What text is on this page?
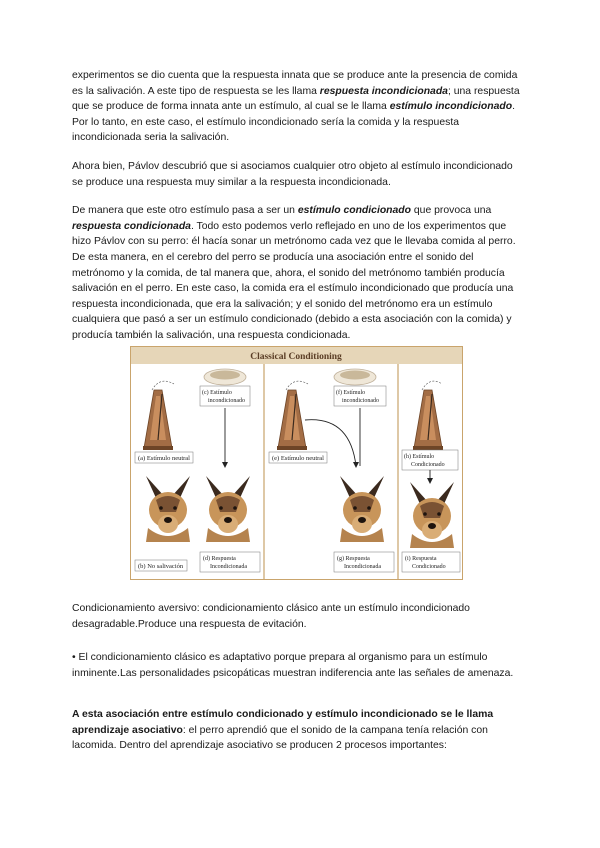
experimentos se dio cuenta que la respuesta innata que se produce ante la presencia de comida es la salivación. A este tipo de respuesta se les llama respuesta incondicionada; una respuesta que se produce de forma innata ante un estímulo, al cual se le llama estímulo incondicionado. Por lo tanto, en este caso, el estímulo incondicionado sería la comida y la respuesta incondicionada seria la salivación.

Ahora bien, Pávlov descubrió que si asociamos cualquier otro objeto al estímulo incondicionado se produce una respuesta muy similar a la respuesta incondicionada.

De manera que este otro estímulo pasa a ser un estímulo condicionado que provoca una respuesta condicionada. Todo esto podemos verlo reflejado en uno de los experimentos que hizo Pávlov con su perro: él hacía sonar un metrónomo cada vez que le llevaba comida al perro. De esta manera, en el cerebro del perro se producía una asociación entre el sonido del metrónomo y la comida, de tal manera que, ahora, el sonido del metrónomo también producía salivación en el perro. En este caso, la comida era el estímulo incondicionado que producía una respuesta incondicionada, que era la salivación; y el sonido del metrónomo era un estímulo cualquiera que pasó a ser un estímulo condicionado (debido a esta asociación con la comida) y producía también la salivación, una respuesta condicionada.

Classical Conditioning
(a) Estímulo neutral
(c) Estímulo
incondicionado
(b) No salivación
(d) Respuesta
Incondicionada
(e) Estímulo neutral
(f) Estímulo
incondicionado
(g) Respuesta
Incondicionada
(h) Estímulo
Condicionado
(i) Respuesta
Condicionado

Condicionamiento aversivo: condicionamiento clásico ante un estímulo incondicionado desagradable.Produce una respuesta de evitación.

• El condicionamiento clásico es adaptativo porque prepara al organismo para un estímulo inminente.Las personalidades psicopáticas muestran indiferencia ante las señales de amenaza.

A esta asociación entre estímulo condicionado y estímulo incondicionado se le llama aprendizaje asociativo: el perro aprendió que el sonido de la campana tenía relación con lacomida. Dentro del aprendizaje asociativo se producen 2 procesos importantes:
